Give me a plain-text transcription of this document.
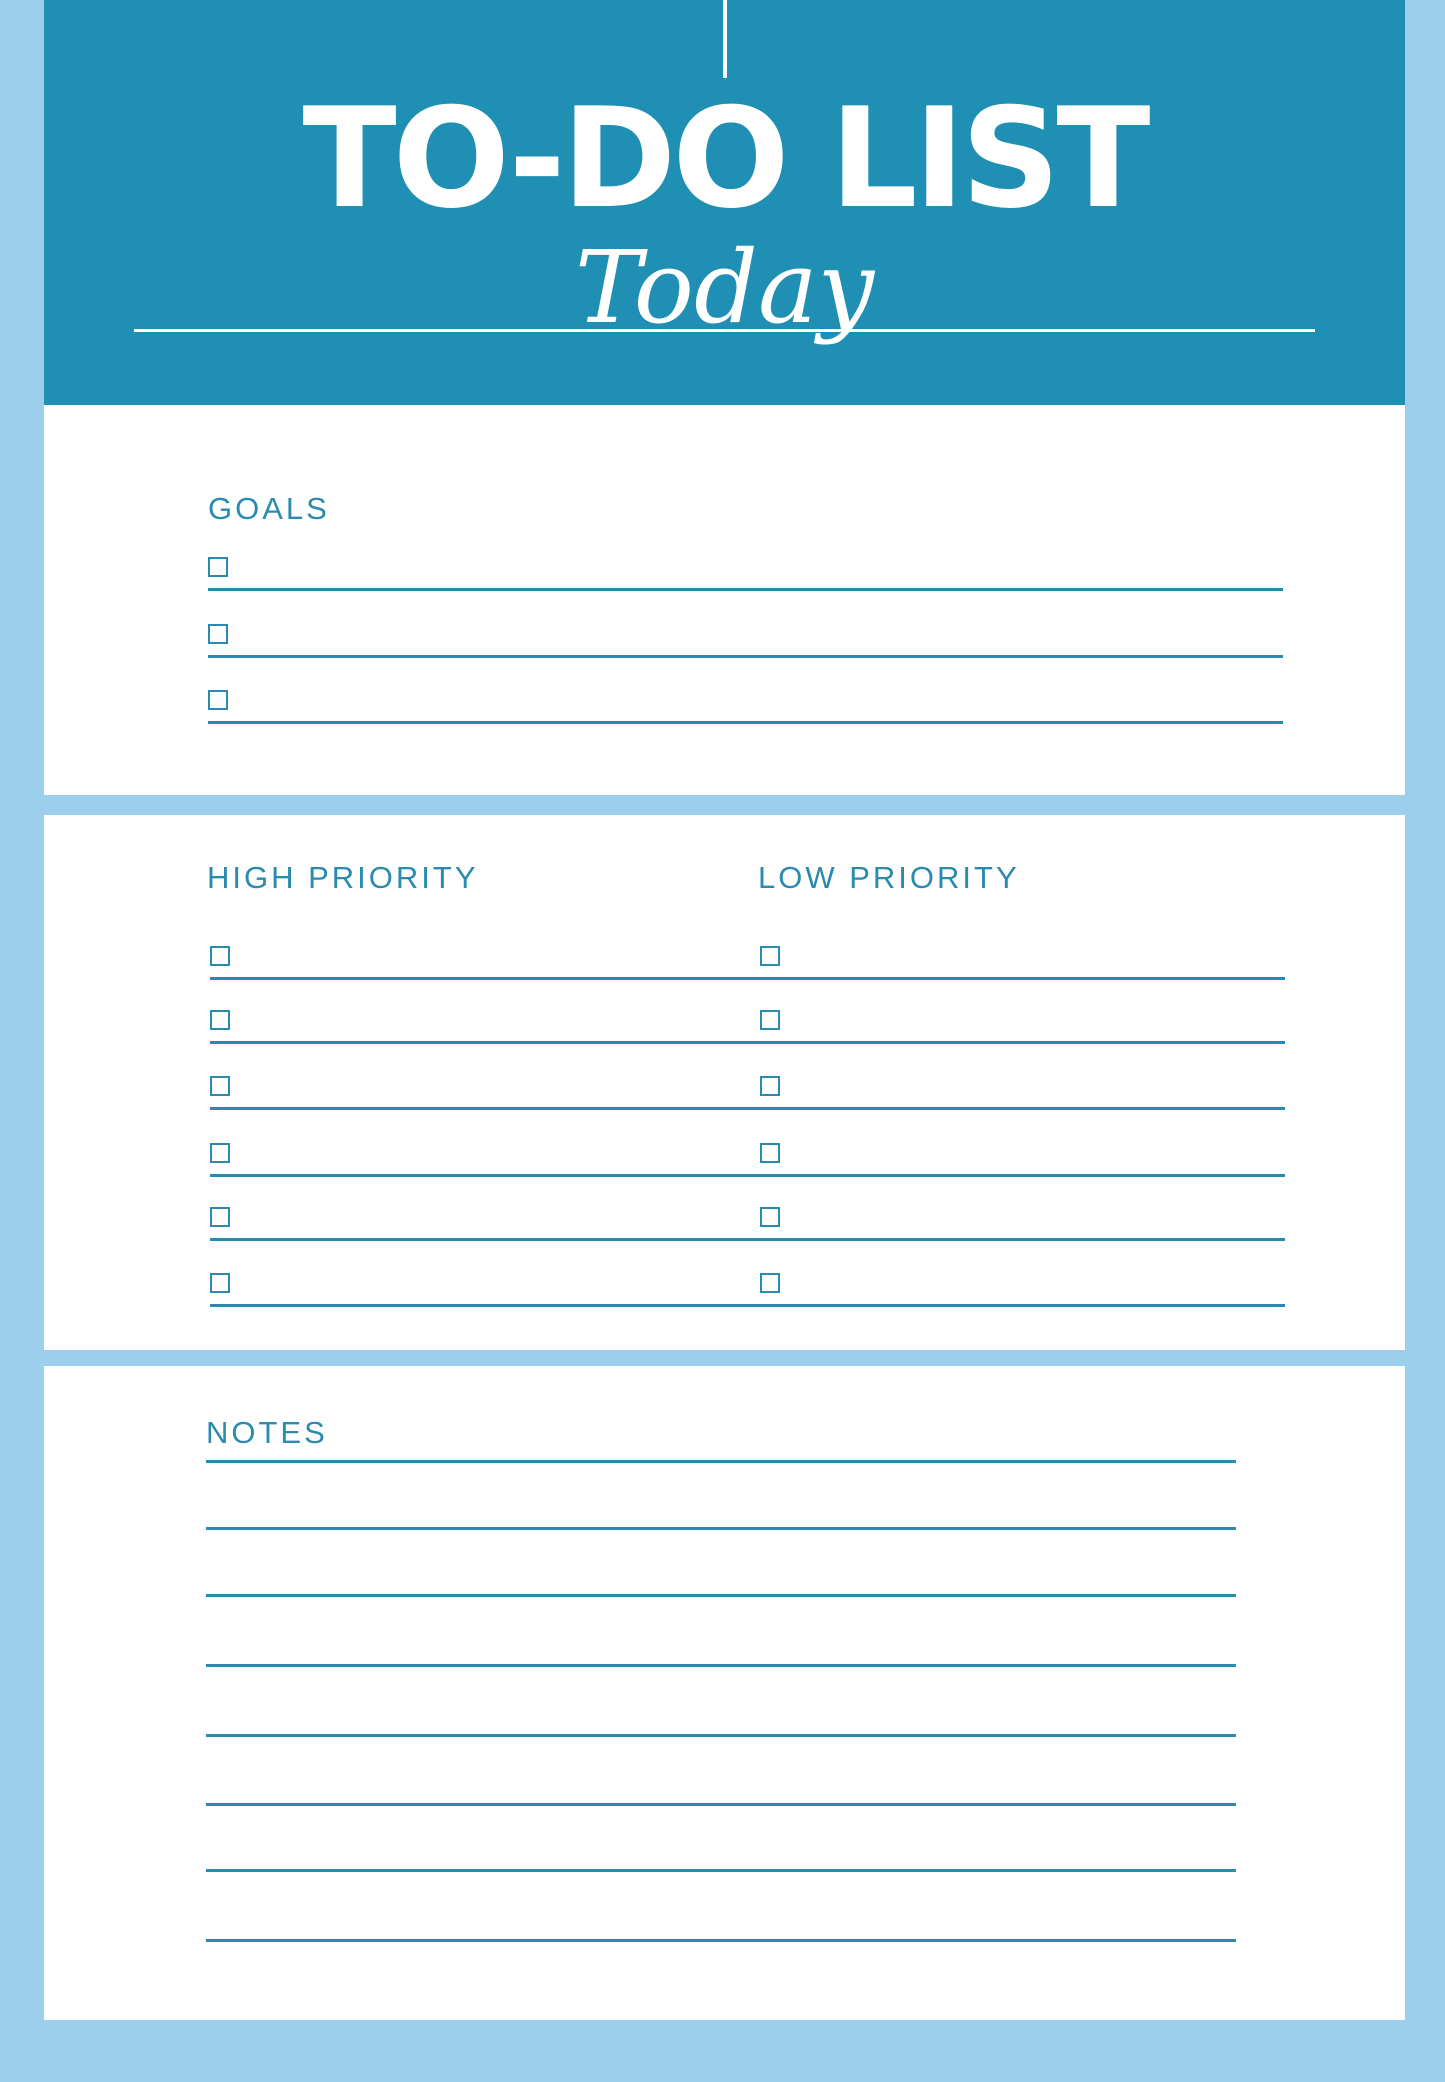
TO-DO LIST
Today
GOALS
HIGH PRIORITY	LOW PRIORITY
NOTES
